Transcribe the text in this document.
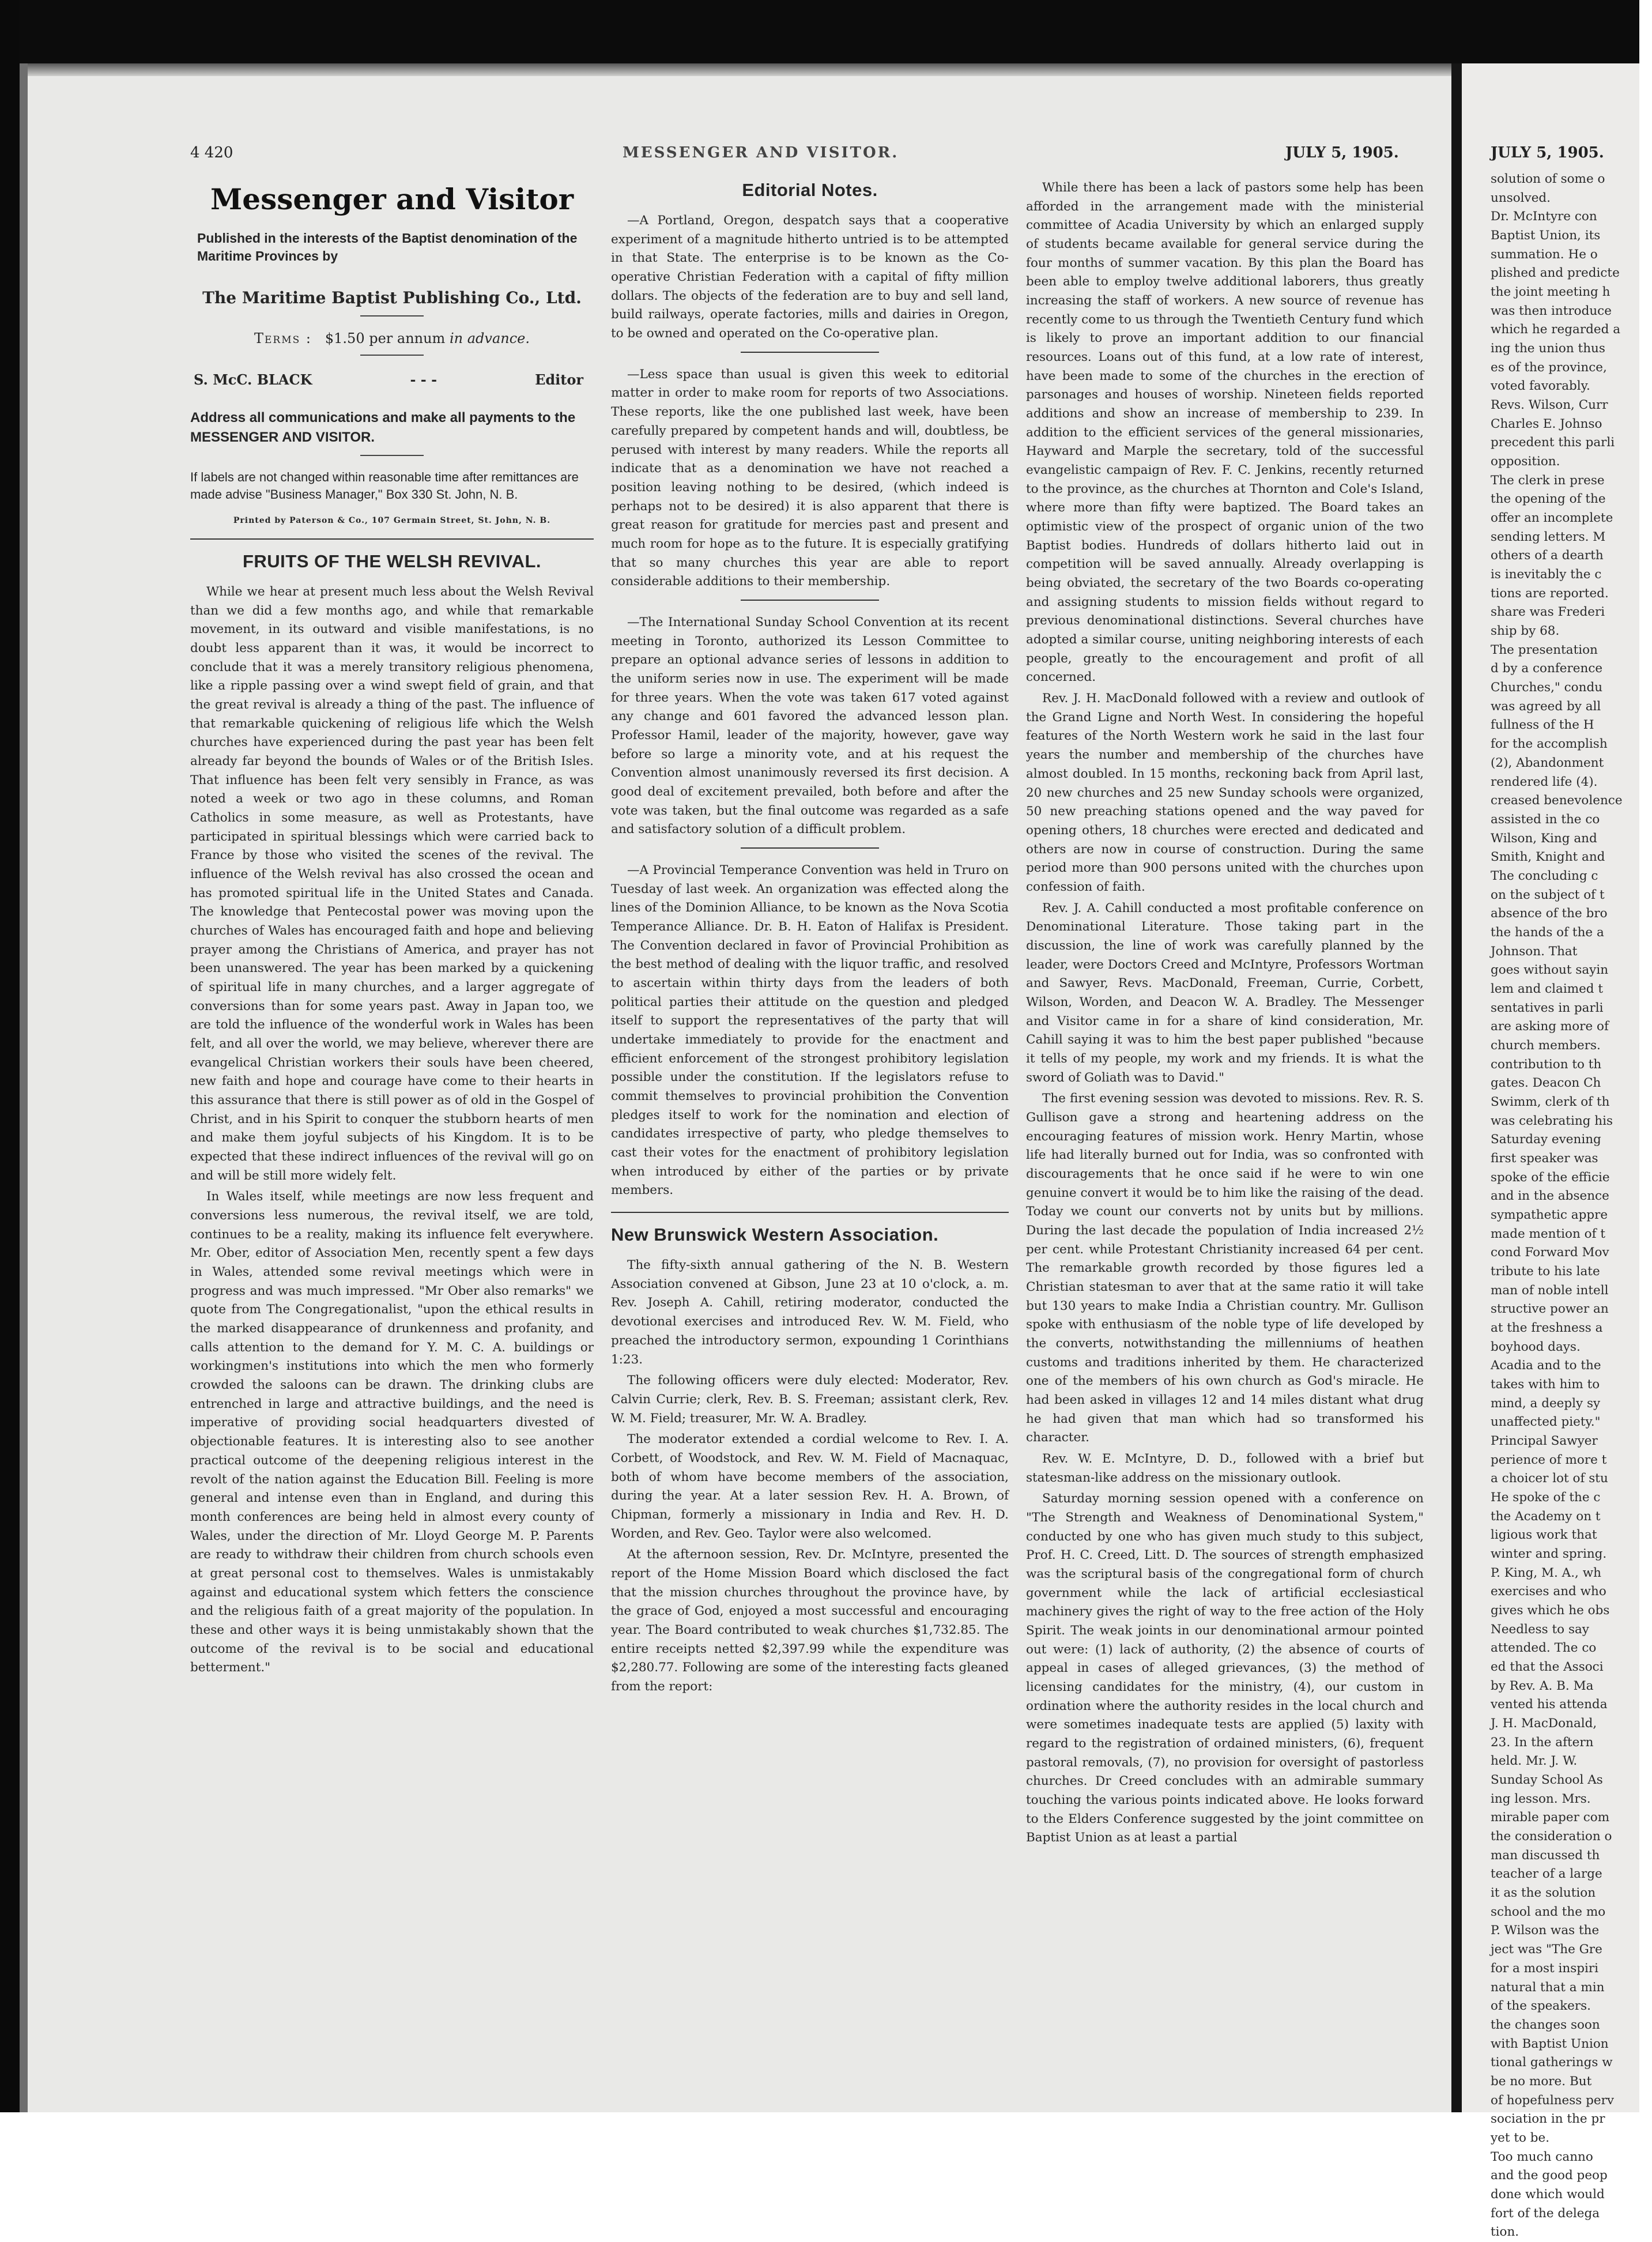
4 420	MESSENGER AND VISITOR.	JULY 5, 1905.
Messenger and Visitor
Published in the interests of the Baptist denomination of the Maritime Provinces by
The Maritime Baptist Publishing Co., Ltd.
Terms : $1.50 per annum in advance.
S. McC. BLACK	- - -	Editor
Address all communications and make all payments to the MESSENGER AND VISITOR.
If labels are not changed within reasonable time after remittances are made advise "Business Manager," Box 330 St. John, N. B.
Printed by Paterson & Co., 107 Germain Street, St. John, N. B.
FRUITS OF THE WELSH REVIVAL.

While we hear at present much less about the Welsh Revival than we did a few months ago, and while that remarkable movement, in its outward and visible manifestations, is no doubt less apparent than it was, it would be incorrect to conclude that it was a merely transitory religious phenomena, like a ripple passing over a wind swept field of grain, and that the great revival is already a thing of the past. The influence of that remarkable quickening of religious life which the Welsh churches have experienced during the past year has been felt already far beyond the bounds of Wales or of the British Isles. That influence has been felt very sensibly in France, as was noted a week or two ago in these columns, and Roman Catholics in some measure, as well as Protestants, have participated in spiritual blessings which were carried back to France by those who visited the scenes of the revival. The influence of the Welsh revival has also crossed the ocean and has promoted spiritual life in the United States and Canada. The knowledge that Pentecostal power was moving upon the churches of Wales has encouraged faith and hope and believing prayer among the Christians of America, and prayer has not been unanswered. The year has been marked by a quickening of spiritual life in many churches, and a larger aggregate of conversions than for some years past. Away in Japan too, we are told the influence of the wonderful work in Wales has been felt, and all over the world, we may believe, wherever there are evangelical Christian workers their souls have been cheered, new faith and hope and courage have come to their hearts in this assurance that there is still power as of old in the Gospel of Christ, and in his Spirit to conquer the stubborn hearts of men and make them joyful subjects of his Kingdom. It is to be expected that these indirect influences of the revival will go on and will be still more widely felt.

In Wales itself, while meetings are now less frequent and conversions less numerous, the revival itself, we are told, continues to be a reality, making its influence felt everywhere. Mr. Ober, editor of Association Men, recently spent a few days in Wales, attended some revival meetings which were in progress and was much impressed. "Mr Ober also remarks" we quote from The Congregationalist, "upon the ethical results in the marked disappearance of drunkenness and profanity, and calls attention to the demand for Y. M. C. A. buildings or workingmen's institutions into which the men who formerly crowded the saloons can be drawn. The drinking clubs are entrenched in large and attractive buildings, and the need is imperative of providing social headquarters divested of objectionable features. It is interesting also to see another practical outcome of the deepening religious interest in the revolt of the nation against the Education Bill. Feeling is more general and intense even than in England, and during this month conferences are being held in almost every county of Wales, under the direction of Mr. Lloyd George M. P. Parents are ready to withdraw their children from church schools even at great personal cost to themselves. Wales is unmistakably against and educational system which fetters the conscience and the religious faith of a great majority of the population. In these and other ways it is being unmistakably shown that the outcome of the revival is to be social and educational betterment."

Editorial Notes.

—A Portland, Oregon, despatch says that a cooperative experiment of a magnitude hitherto untried is to be attempted in that State. The enterprise is to be known as the Co-operative Christian Federation with a capital of fifty million dollars. The objects of the federation are to buy and sell land, build railways, operate factories, mills and dairies in Oregon, to be owned and operated on the Co-operative plan.

—Less space than usual is given this week to editorial matter in order to make room for reports of two Associations. These reports, like the one published last week, have been carefully prepared by competent hands and will, doubtless, be perused with interest by many readers. While the reports all indicate that as a denomination we have not reached a position leaving nothing to be desired, (which indeed is perhaps not to be desired) it is also apparent that there is great reason for gratitude for mercies past and present and much room for hope as to the future. It is especially gratifying that so many churches this year are able to report considerable additions to their membership.

—The International Sunday School Convention at its recent meeting in Toronto, authorized its Lesson Committee to prepare an optional advance series of lessons in addition to the uniform series now in use. The experiment will be made for three years. When the vote was taken 617 voted against any change and 601 favored the advanced lesson plan. Professor Hamil, leader of the majority, however, gave way before so large a minority vote, and at his request the Convention almost unanimously reversed its first decision. A good deal of excitement prevailed, both before and after the vote was taken, but the final outcome was regarded as a safe and satisfactory solution of a difficult problem.

—A Provincial Temperance Convention was held in Truro on Tuesday of last week. An organization was effected along the lines of the Dominion Alliance, to be known as the Nova Scotia Temperance Alliance. Dr. B. H. Eaton of Halifax is President. The Convention declared in favor of Provincial Prohibition as the best method of dealing with the liquor traffic, and resolved to ascertain within thirty days from the leaders of both political parties their attitude on the question and pledged itself to support the representatives of the party that will undertake immediately to provide for the enactment and efficient enforcement of the strongest prohibitory legislation possible under the constitution. If the legislators refuse to commit themselves to provincial prohibition the Convention pledges itself to work for the nomination and election of candidates irrespective of party, who pledge themselves to cast their votes for the enactment of prohibitory legislation when introduced by either of the parties or by private members.

New Brunswick Western Association.

The fifty-sixth annual gathering of the N. B. Western Association convened at Gibson, June 23 at 10 o'clock, a. m. Rev. Joseph A. Cahill, retiring moderator, conducted the devotional exercises and introduced Rev. W. M. Field, who preached the introductory sermon, expounding 1 Corinthians 1:23.

The following officers were duly elected: Moderator, Rev. Calvin Currie; clerk, Rev. B. S. Freeman; assistant clerk, Rev. W. M. Field; treasurer, Mr. W. A. Bradley.

The moderator extended a cordial welcome to Rev. I. A. Corbett, of Woodstock, and Rev. W. M. Field of Macnaquac, both of whom have become members of the association, during the year. At a later session Rev. H. A. Brown, of Chipman, formerly a missionary in India and Rev. H. D. Worden, and Rev. Geo. Taylor were also welcomed.

At the afternoon session, Rev. Dr. McIntyre, presented the report of the Home Mission Board which disclosed the fact that the mission churches throughout the province have, by the grace of God, enjoyed a most successful and encouraging year. The Board contributed to weak churches $1,732.85. The entire receipts netted $2,397.99 while the expenditure was $2,280.77. Following are some of the interesting facts gleaned from the report:

While there has been a lack of pastors some help has been afforded in the arrangement made with the ministerial committee of Acadia University by which an enlarged supply of students became available for general service during the four months of summer vacation. By this plan the Board has been able to employ twelve additional laborers, thus greatly increasing the staff of workers. A new source of revenue has recently come to us through the Twentieth Century fund which is likely to prove an important addition to our financial resources. Loans out of this fund, at a low rate of interest, have been made to some of the churches in the erection of parsonages and houses of worship. Nineteen fields reported additions and show an increase of membership to 239. In addition to the efficient services of the general missionaries, Hayward and Marple the secretary, told of the successful evangelistic campaign of Rev. F. C. Jenkins, recently returned to the province, as the churches at Thornton and Cole's Island, where more than fifty were baptized. The Board takes an optimistic view of the prospect of organic union of the two Baptist bodies. Hundreds of dollars hitherto laid out in competition will be saved annually. Already overlapping is being obviated, the secretary of the two Boards co-operating and assigning students to mission fields without regard to previous denominational distinctions. Several churches have adopted a similar course, uniting neighboring interests of each people, greatly to the encouragement and profit of all concerned.

Rev. J. H. MacDonald followed with a review and outlook of the Grand Ligne and North West. In considering the hopeful features of the North Western work he said in the last four years the number and membership of the churches have almost doubled. In 15 months, reckoning back from April last, 20 new churches and 25 new Sunday schools were organized, 50 new preaching stations opened and the way paved for opening others, 18 churches were erected and dedicated and others are now in course of construction. During the same period more than 900 persons united with the churches upon confession of faith.

Rev. J. A. Cahill conducted a most profitable conference on Denominational Literature. Those taking part in the discussion, the line of work was carefully planned by the leader, were Doctors Creed and McIntyre, Professors Wortman and Sawyer, Revs. MacDonald, Freeman, Currie, Corbett, Wilson, Worden, and Deacon W. A. Bradley. The Messenger and Visitor came in for a share of kind consideration, Mr. Cahill saying it was to him the best paper published "because it tells of my people, my work and my friends. It is what the sword of Goliath was to David."

The first evening session was devoted to missions. Rev. R. S. Gullison gave a strong and heartening address on the encouraging features of mission work. Henry Martin, whose life had literally burned out for India, was so confronted with discouragements that he once said if he were to win one genuine convert it would be to him like the raising of the dead. Today we count our converts not by units but by millions. During the last decade the population of India increased 2½ per cent. while Protestant Christianity increased 64 per cent. The remarkable growth recorded by those figures led a Christian statesman to aver that at the same ratio it will take but 130 years to make India a Christian country. Mr. Gullison spoke with enthusiasm of the noble type of life developed by the converts, notwithstanding the millenniums of heathen customs and traditions inherited by them. He characterized one of the members of his own church as God's miracle. He had been asked in villages 12 and 14 miles distant what drug he had given that man which had so transformed his character.

Rev. W. E. McIntyre, D. D., followed with a brief but statesman-like address on the missionary outlook.

Saturday morning session opened with a conference on "The Strength and Weakness of Denominational System," conducted by one who has given much study to this subject, Prof. H. C. Creed, Litt. D. The sources of strength emphasized was the scriptural basis of the congregational form of church government while the lack of artificial ecclesiastical machinery gives the right of way to the free action of the Holy Spirit. The weak joints in our denominational armour pointed out were: (1) lack of authority, (2) the absence of courts of appeal in cases of alleged grievances, (3) the method of licensing candidates for the ministry, (4), our custom in ordination where the authority resides in the local church and were sometimes inadequate tests are applied (5) laxity with regard to the registration of ordained ministers, (6), frequent pastoral removals, (7), no provision for oversight of pastorless churches. Dr Creed concludes with an admirable summary touching the various points indicated above. He looks forward to the Elders Conference suggested by the joint committee on Baptist Union as at least a partial

JULY 5, 1905.
solution of some o
unsolved.
Dr. McIntyre con
Baptist Union, its
summation. He o
plished and predicte
the joint meeting h
was then introduce
which he regarded a
ing the union thus
es of the province,
voted favorably.
Revs. Wilson, Curr
Charles E. Johnso
precedent this parli
opposition.
The clerk in prese
the opening of the
offer an incomplete
sending letters. M
others of a dearth
is inevitably the c
tions are reported.
share was Frederi
ship by 68.
The presentation
d by a conference
Churches," condu
was agreed by all
fullness of the H
for the accomplish
(2), Abandonment
rendered life (4).
creased benevolence
assisted in the co
Wilson, King and
Smith, Knight and
The concluding c
on the subject of t
absence of the bro
the hands of the a
Johnson. That
goes without sayin
lem and claimed t
sentatives in parli
are asking more of
church members.
contribution to th
gates. Deacon Ch
Swimm, clerk of th
was celebrating his
Saturday evening
first speaker was
spoke of the efficie
and in the absence
sympathetic appre
made mention of t
cond Forward Mov
tribute to his late
man of noble intell
structive power an
at the freshness a
boyhood days.
Acadia and to the
takes with him to
mind, a deeply sy
unaffected piety."
Principal Sawyer
perience of more t
a choicer lot of stu
He spoke of the c
the Academy on t
ligious work that
winter and spring.
P. King, M. A., wh
exercises and who
gives which he obs
Needless to say
attended. The co
ed that the Associ
by Rev. A. B. Ma
vented his attenda
J. H. MacDonald,
23. In the aftern
held. Mr. J. W.
Sunday School As
ing lesson. Mrs.
mirable paper com
the consideration o
man discussed th
teacher of a large
it as the solution
school and the mo
P. Wilson was the
ject was "The Gre
for a most inspiri
natural that a min
of the speakers.
the changes soon
with Baptist Union
tional gatherings w
be no more. But
of hopefulness perv
sociation in the pr
yet to be.
Too much canno
and the good peop
done which would
fort of the delega
tion.
